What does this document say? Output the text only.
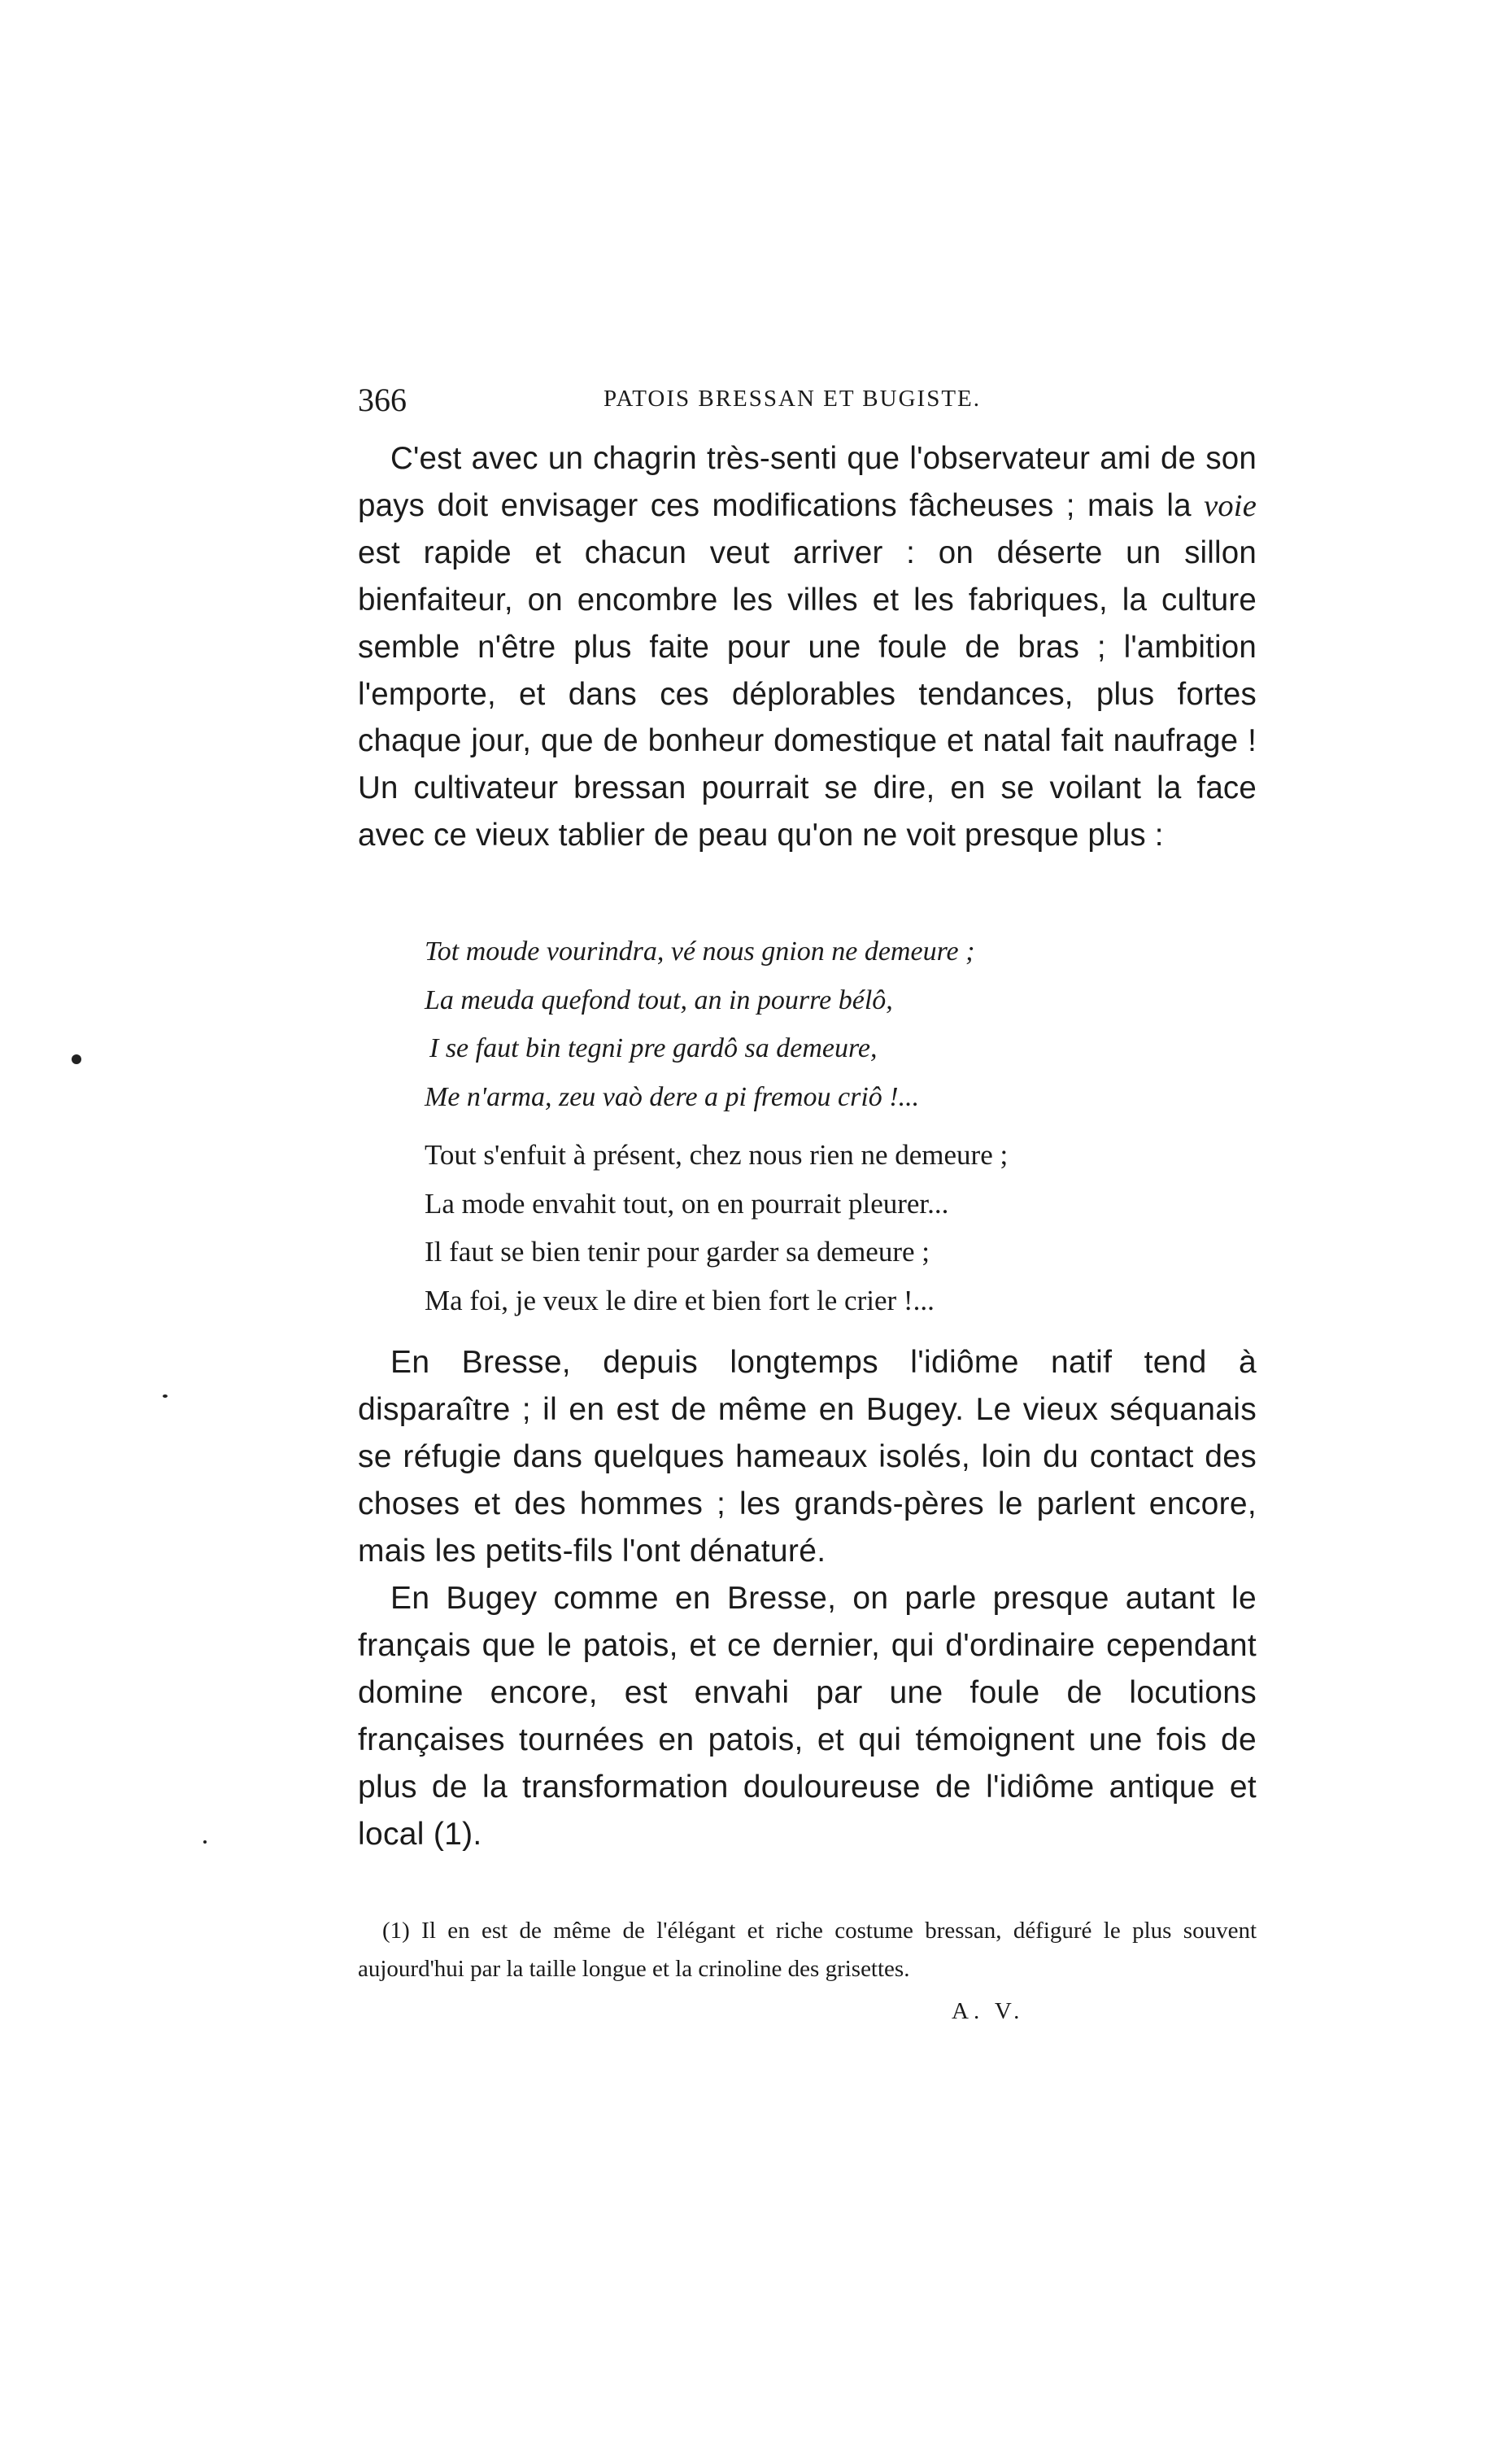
366	PATOIS BRESSAN ET BUGISTE.

C'est avec un chagrin très-senti que l'observateur ami de son pays doit envisager ces modifications fâcheuses ; mais la voie est rapide et chacun veut arriver : on déserte un sillon bienfaiteur, on encombre les villes et les fabriques, la culture semble n'être plus faite pour une foule de bras ; l'ambition l'emporte, et dans ces déplorables tendances, plus fortes chaque jour, que de bonheur domestique et natal fait naufrage ! Un cultivateur bressan pourrait se dire, en se voilant la face avec ce vieux tablier de peau qu'on ne voit presque plus :

Tot moude vourindra, vé nous gnion ne demeure ;
La meuda quefond tout, an in pourre bélô,
I se faut bin tegni pre gardô sa demeure,
Me n'arma, zeu vaò dere a pi fremou criô !...
Tout s'enfuit à présent, chez nous rien ne demeure ;
La mode envahit tout, on en pourrait pleurer...
Il faut se bien tenir pour garder sa demeure ;
Ma foi, je veux le dire et bien fort le crier !...

En Bresse, depuis longtemps l'idiôme natif tend à disparaître ; il en est de même en Bugey. Le vieux séquanais se réfugie dans quelques hameaux isolés, loin du contact des choses et des hommes ; les grands-pères le parlent encore, mais les petits-fils l'ont dénaturé.

En Bugey comme en Bresse, on parle presque autant le français que le patois, et ce dernier, qui d'ordinaire cependant domine encore, est envahi par une foule de locutions françaises tournées en patois, et qui témoignent une fois de plus de la transformation douloureuse de l'idiôme antique et local (1).

(1) Il en est de même de l'élégant et riche costume bressan, défiguré le plus souvent aujourd'hui par la taille longue et la crinoline des grisettes.

A. V.
